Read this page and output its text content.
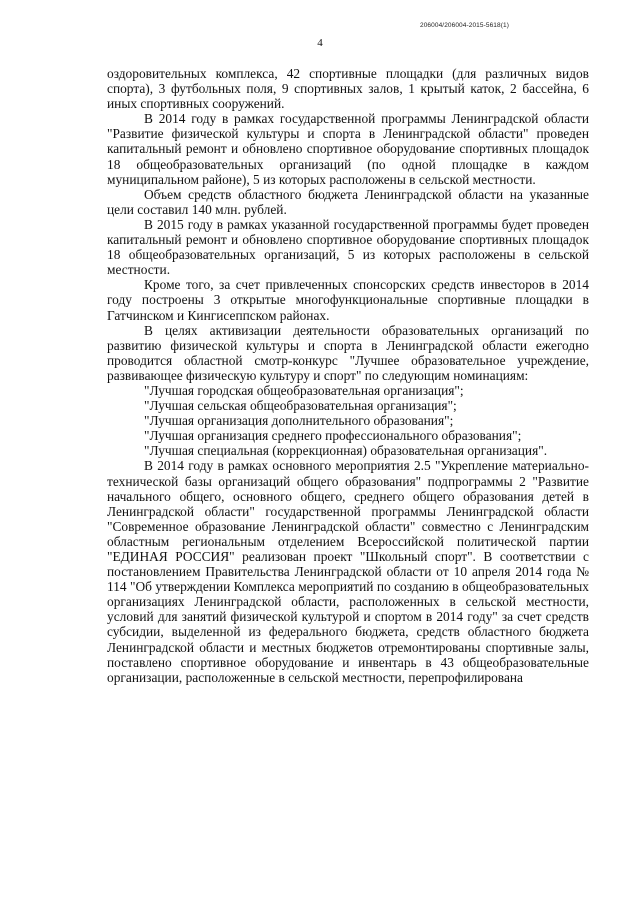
206004/206004-2015-5618(1)
4

оздоровительных комплекса, 42 спортивные площадки (для различных видов спорта), 3 футбольных поля, 9 спортивных залов, 1 крытый каток, 2 бассейна, 6 иных спортивных сооружений.

В 2014 году в рамках государственной программы Ленинградской области "Развитие физической культуры и спорта в Ленинградской области" проведен капитальный ремонт и обновлено спортивное оборудование спортивных площадок 18 общеобразовательных организаций (по одной площадке в каждом муниципальном районе), 5 из которых расположены в сельской местности.

Объем средств областного бюджета Ленинградской области на указанные цели составил 140 млн. рублей.

В 2015 году в рамках указанной государственной программы будет проведен капитальный ремонт и обновлено спортивное оборудование спортивных площадок 18 общеобразовательных организаций, 5 из которых расположены в сельской местности.

Кроме того, за счет привлеченных спонсорских средств инвесторов в 2014 году построены 3 открытые многофункциональные спортивные площадки в Гатчинском и Кингисеппском районах.

В целях активизации деятельности образовательных организаций по развитию физической культуры и спорта в Ленинградской области ежегодно проводится областной смотр-конкурс "Лучшее образовательное учреждение, развивающее физическую культуру и спорт" по следующим номинациям:

"Лучшая городская общеобразовательная организация";

"Лучшая сельская общеобразовательная организация";

"Лучшая организация дополнительного образования";

"Лучшая организация среднего профессионального образования";

"Лучшая специальная (коррекционная) образовательная организация".

В 2014 году в рамках основного мероприятия 2.5 "Укрепление материально-технической базы организаций общего образования" подпрограммы 2 "Развитие начального общего, основного общего, среднего общего образования детей в Ленинградской области" государственной программы Ленинградской области "Современное образование Ленинградской области" совместно с Ленинградским областным региональным отделением Всероссийской политической партии "ЕДИНАЯ РОССИЯ" реализован проект "Школьный спорт". В соответствии с постановлением Правительства Ленинградской области от 10 апреля 2014 года № 114 "Об утверждении Комплекса мероприятий по созданию в общеобразовательных организациях Ленинградской области, расположенных в сельской местности, условий для занятий физической культурой и спортом в 2014 году" за счет средств субсидии, выделенной из федерального бюджета, средств областного бюджета Ленинградской области и местных бюджетов отремонтированы спортивные залы, поставлено спортивное оборудование и инвентарь в 43 общеобразовательные организации, расположенные в сельской местности, перепрофилирована
